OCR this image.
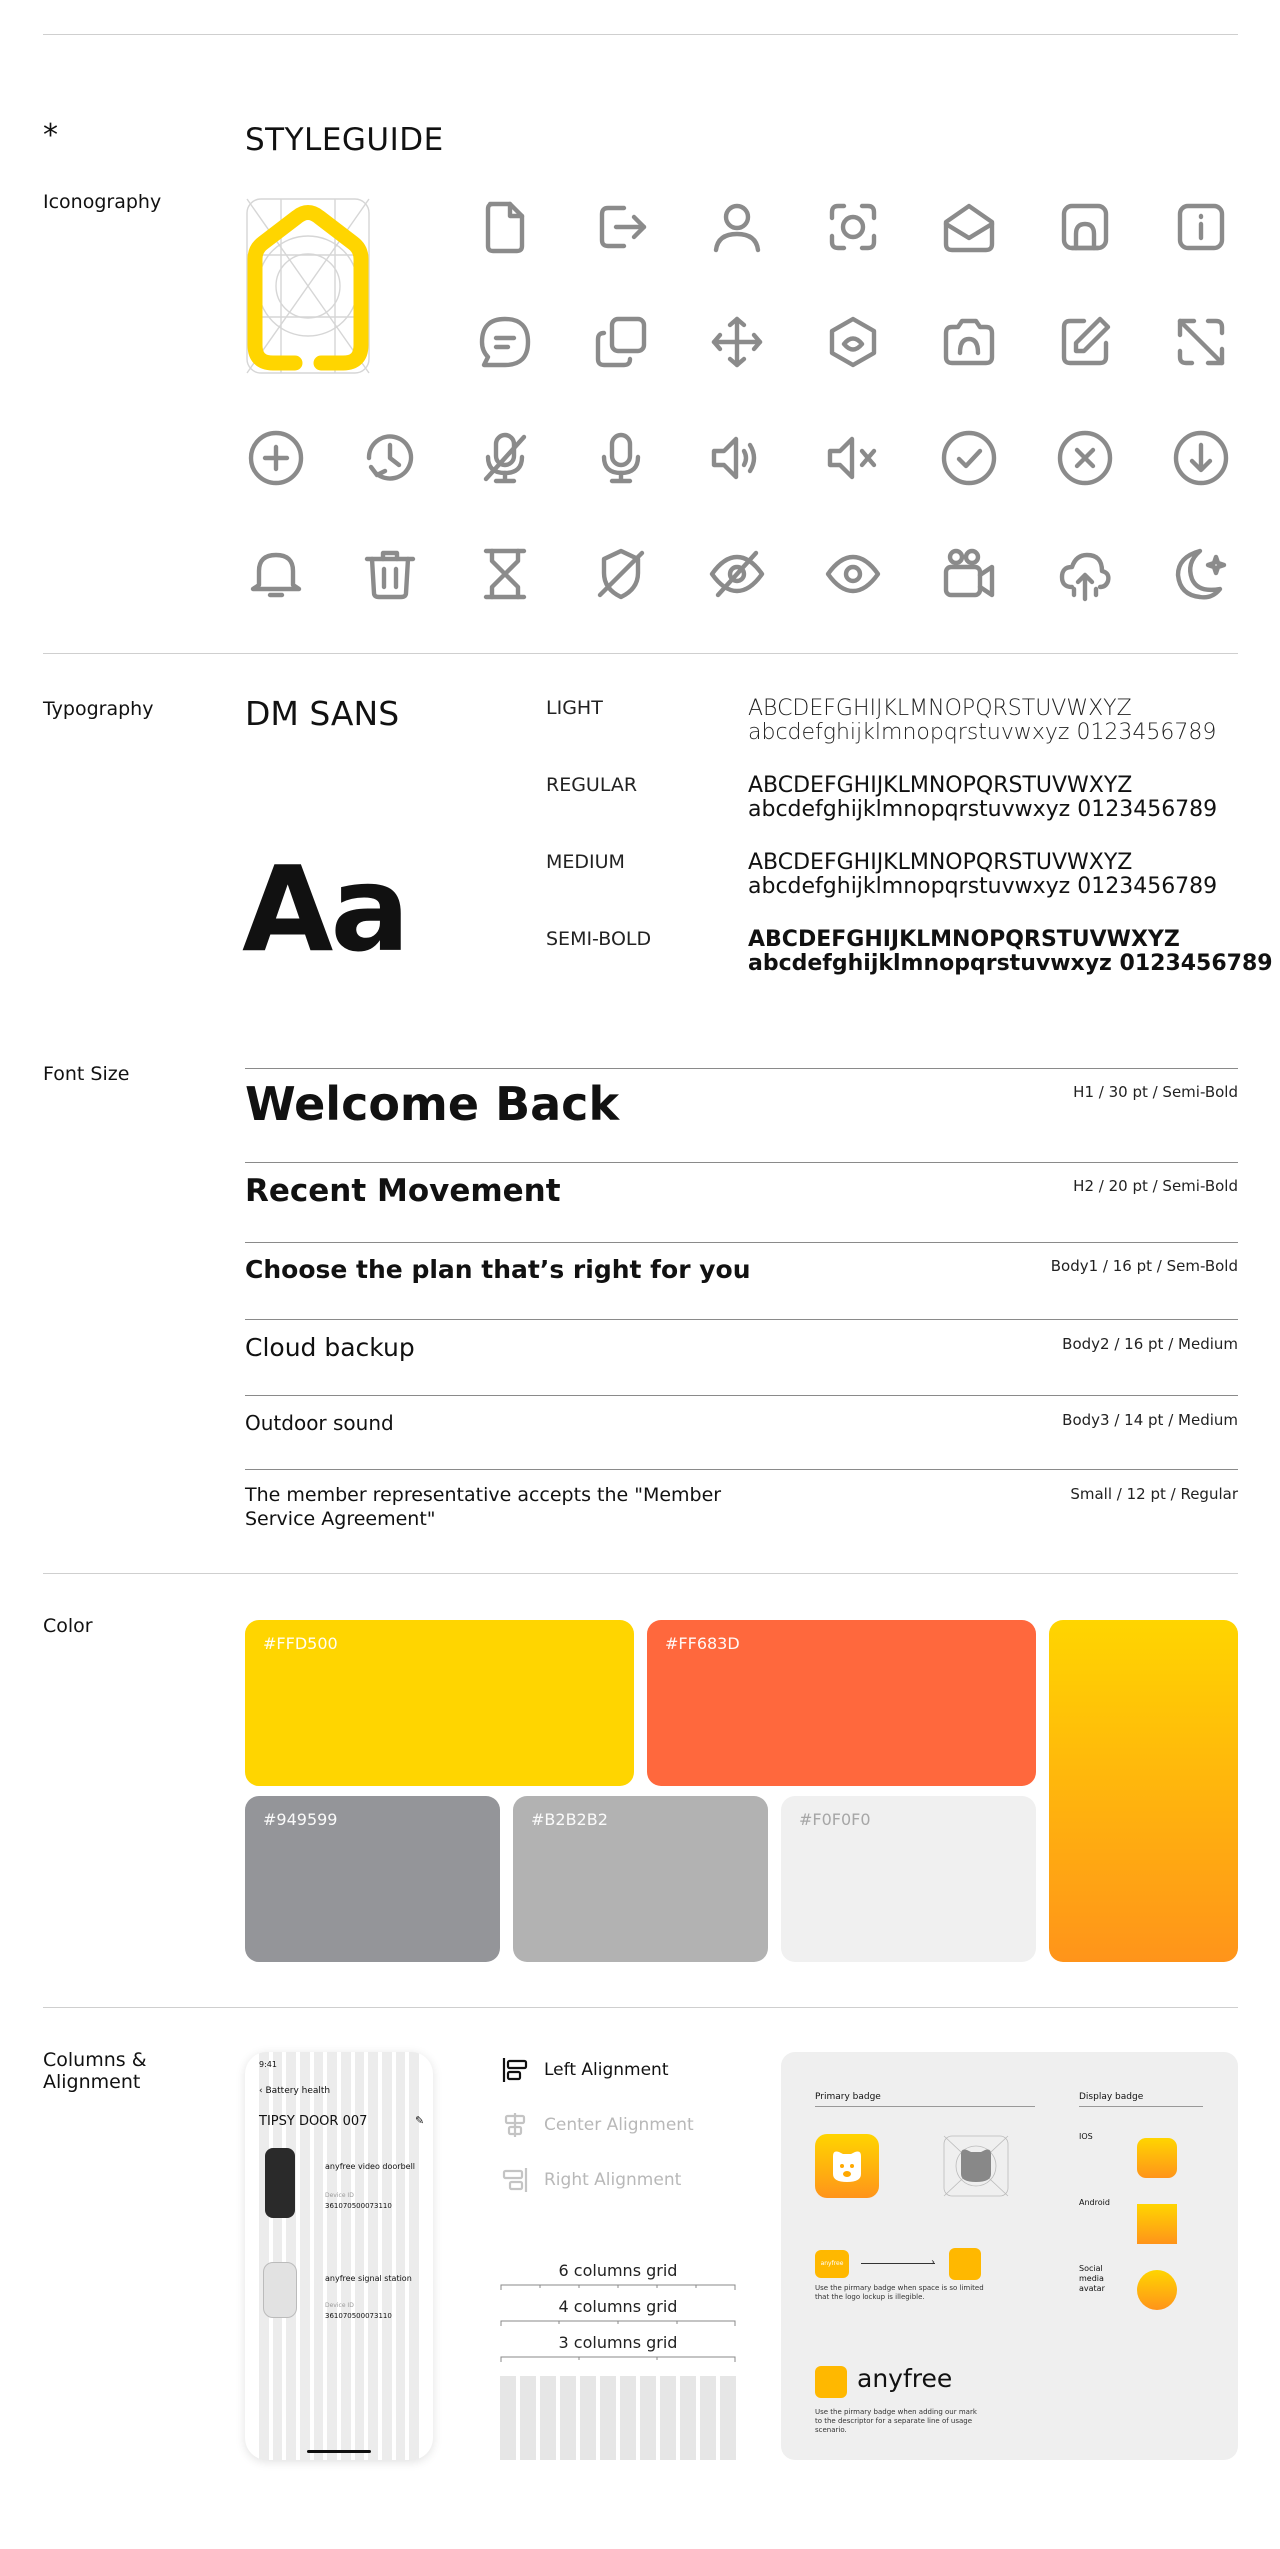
*	STYLEGUIDE
Iconography
Typography	DM SANS
Aa
LIGHT	ABCDEFGHIJKLMNOPQRSTUVWXYZ
abcdefghijklmnopqrstuvwxyz 0123456789
REGULAR	ABCDEFGHIJKLMNOPQRSTUVWXYZ
abcdefghijklmnopqrstuvwxyz 0123456789
MEDIUM	ABCDEFGHIJKLMNOPQRSTUVWXYZ
abcdefghijklmnopqrstuvwxyz 0123456789
SEMI-BOLD	ABCDEFGHIJKLMNOPQRSTUVWXYZ
abcdefghijklmnopqrstuvwxyz 0123456789
Font Size
Welcome Back	H1 / 30 pt / Semi-Bold
Recent Movement	H2 / 20 pt / Semi-Bold
Choose the plan that’s right for you	Body1 / 16 pt / Sem-Bold
Cloud backup	Body2 / 16 pt / Medium
Outdoor sound	Body3 / 14 pt / Medium
The member representative accepts the "Member Service Agreement"
Small / 12 pt / Regular
Color
#FFD500	#FF683D
#949599	#B2B2B2	#F0F0F0
Columns & Alignment
9:41
‹ Battery health
TIPSY DOOR 007	✎
anyfree video doorbell
Device ID
361070500073110
anyfree signal station
Device ID
361070500073110
Left Alignment
Center Alignment
Right Alignment
6 columns grid
4 columns grid
3 columns grid
Primary badge	Display badge
anyfree	›
Use the pirmary badge when space is so limited that the logo lockup is illegible.
IOS
Android
Social media avatar
anyfree
Use the pirmary badge when adding our mark to the descriptor for a separate line of usage scenario.
